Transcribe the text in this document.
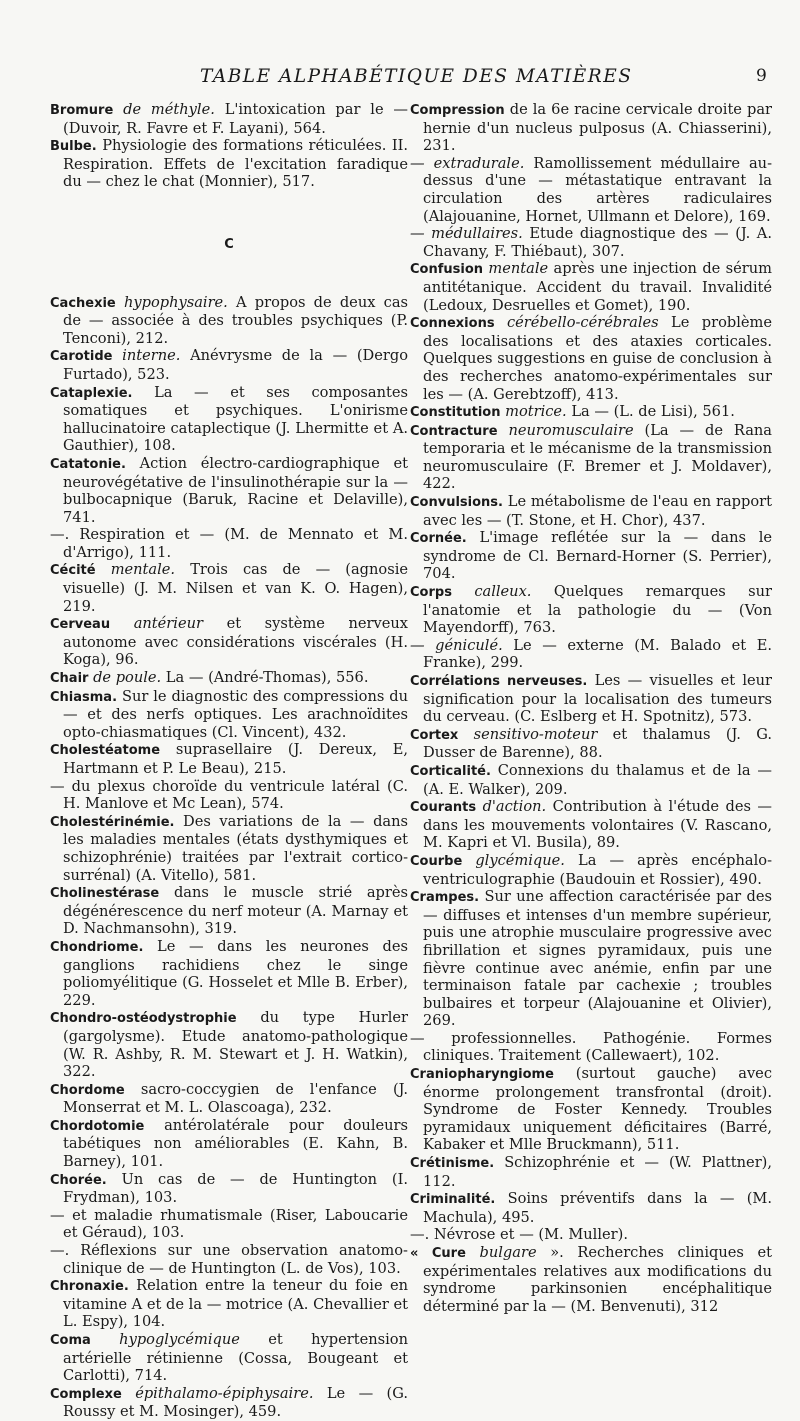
TABLE ALPHABÉTIQUE DES MATIÈRES	9

Bromure de méthyle. L'intoxication par le — (Duvoir, R. Favre et F. Layani), 564.

Bulbe. Physiologie des formations réticulées. II. Respiration. Effets de l'excitation faradique du — chez le chat (Monnier), 517.

C

Cachexie hypophysaire. A propos de deux cas de — associée à des troubles psychiques (P. Tenconi), 212.

Carotide interne. Anévrysme de la — (Dergo Furtado), 523.

Cataplexie. La — et ses composantes somatiques et psychiques. L'onirisme hallucinatoire cataplectique (J. Lhermitte et A. Gauthier), 108.

Catatonie. Action électro-cardiographique et neurovégétative de l'insulinothérapie sur la — bulbocapnique (Baruk, Racine et Delaville), 741.

—. Respiration et — (M. de Mennato et M. d'Arrigo), 111.

Cécité mentale. Trois cas de — (agnosie visuelle) (J. M. Nilsen et van K. O. Hagen), 219.

Cerveau antérieur et système nerveux autonome avec considérations viscérales (H. Koga), 96.

Chair de poule. La — (André-Thomas), 556.

Chiasma. Sur le diagnostic des compressions du — et des nerfs optiques. Les arachnoïdites opto-chiasmatiques (Cl. Vincent), 432.

Cholestéatome suprasellaire (J. Dereux, E, Hartmann et P. Le Beau), 215.

— du plexus choroïde du ventricule latéral (C. H. Manlove et Mc Lean), 574.

Cholestérinémie. Des variations de la — dans les maladies mentales (états dysthymiques et schizophrénie) traitées par l'extrait cortico-surrénal) (A. Vitello), 581.

Cholinestérase dans le muscle strié après dégénérescence du nerf moteur (A. Marnay et D. Nachmansohn), 319.

Chondriome. Le — dans les neurones des ganglions rachidiens chez le singe poliomyélitique (G. Hosselet et Mlle B. Erber), 229.

Chondro-ostéodystrophie du type Hurler (gargolysme). Etude anatomo-pathologique (W. R. Ashby, R. M. Stewart et J. H. Watkin), 322.

Chordome sacro-coccygien de l'enfance (J. Monserrat et M. L. Olascoaga), 232.

Chordotomie antérolatérale pour douleurs tabétiques non améliorables (E. Kahn, B. Barney), 101.

Chorée. Un cas de — de Huntington (I. Frydman), 103.

— et maladie rhumatismale (Riser, Laboucarie et Géraud), 103.

—. Réflexions sur une observation anatomo-clinique de — de Huntington (L. de Vos), 103.

Chronaxie. Relation entre la teneur du foie en vitamine A et de la — motrice (A. Chevallier et L. Espy), 104.

Coma hypoglycémique et hypertension artérielle rétinienne (Cossa, Bougeant et Carlotti), 714.

Complexe épithalamo-épiphysaire. Le — (G. Roussy et M. Mosinger), 459.

Compression de la 6e racine cervicale droite par hernie d'un nucleus pulposus (A. Chiasserini), 231.

— extradurale. Ramollissement médullaire au-dessus d'une — métastatique entravant la circulation des artères radiculaires (Alajouanine, Hornet, Ullmann et Delore), 169.

— médullaires. Etude diagnostique des — (J. A. Chavany, F. Thiébaut), 307.

Confusion mentale après une injection de sérum antitétanique. Accident du travail. Invalidité (Ledoux, Desruelles et Gomet), 190.

Connexions cérébello-cérébrales Le problème des localisations et des ataxies corticales. Quelques suggestions en guise de conclusion à des recherches anatomo-expérimentales sur les — (A. Gerebtzoff), 413.

Constitution motrice. La — (L. de Lisi), 561.

Contracture neuromusculaire (La — de Rana temporaria et le mécanisme de la transmission neuromusculaire (F. Bremer et J. Moldaver), 422.

Convulsions. Le métabolisme de l'eau en rapport avec les — (T. Stone, et H. Chor), 437.

Cornée. L'image reflétée sur la — dans le syndrome de Cl. Bernard-Horner (S. Perrier), 704.

Corps calleux. Quelques remarques sur l'anatomie et la pathologie du — (Von Mayendorff), 763.

— géniculé. Le — externe (M. Balado et E. Franke), 299.

Corrélations nerveuses. Les — visuelles et leur signification pour la localisation des tumeurs du cerveau. (C. Eslberg et H. Spotnitz), 573.

Cortex sensitivo-moteur et thalamus (J. G. Dusser de Barenne), 88.

Corticalité. Connexions du thalamus et de la — (A. E. Walker), 209.

Courants d'action. Contribution à l'étude des — dans les mouvements volontaires (V. Rascano, M. Kapri et Vl. Busila), 89.

Courbe glycémique. La — après encéphalo-ventriculographie (Baudouin et Rossier), 490.

Crampes. Sur une affection caractérisée par des — diffuses et intenses d'un membre supérieur, puis une atrophie musculaire progressive avec fibrillation et signes pyramidaux, puis une fièvre continue avec anémie, enfin par une terminaison fatale par cachexie ; troubles bulbaires et torpeur (Alajouanine et Olivier), 269.

— professionnelles. Pathogénie. Formes cliniques. Traitement (Callewaert), 102.

Craniopharyngiome (surtout gauche) avec énorme prolongement transfrontal (droit). Syndrome de Foster Kennedy. Troubles pyramidaux uniquement déficitaires (Barré, Kabaker et Mlle Bruckmann), 511.

Crétinisme. Schizophrénie et — (W. Plattner), 112.

Criminalité. Soins préventifs dans la — (M. Machula), 495.

—. Névrose et — (M. Muller).

« Cure bulgare ». Recherches cliniques et expérimentales relatives aux modifications du syndrome parkinsonien encéphalitique déterminé par la — (M. Benvenuti), 312
